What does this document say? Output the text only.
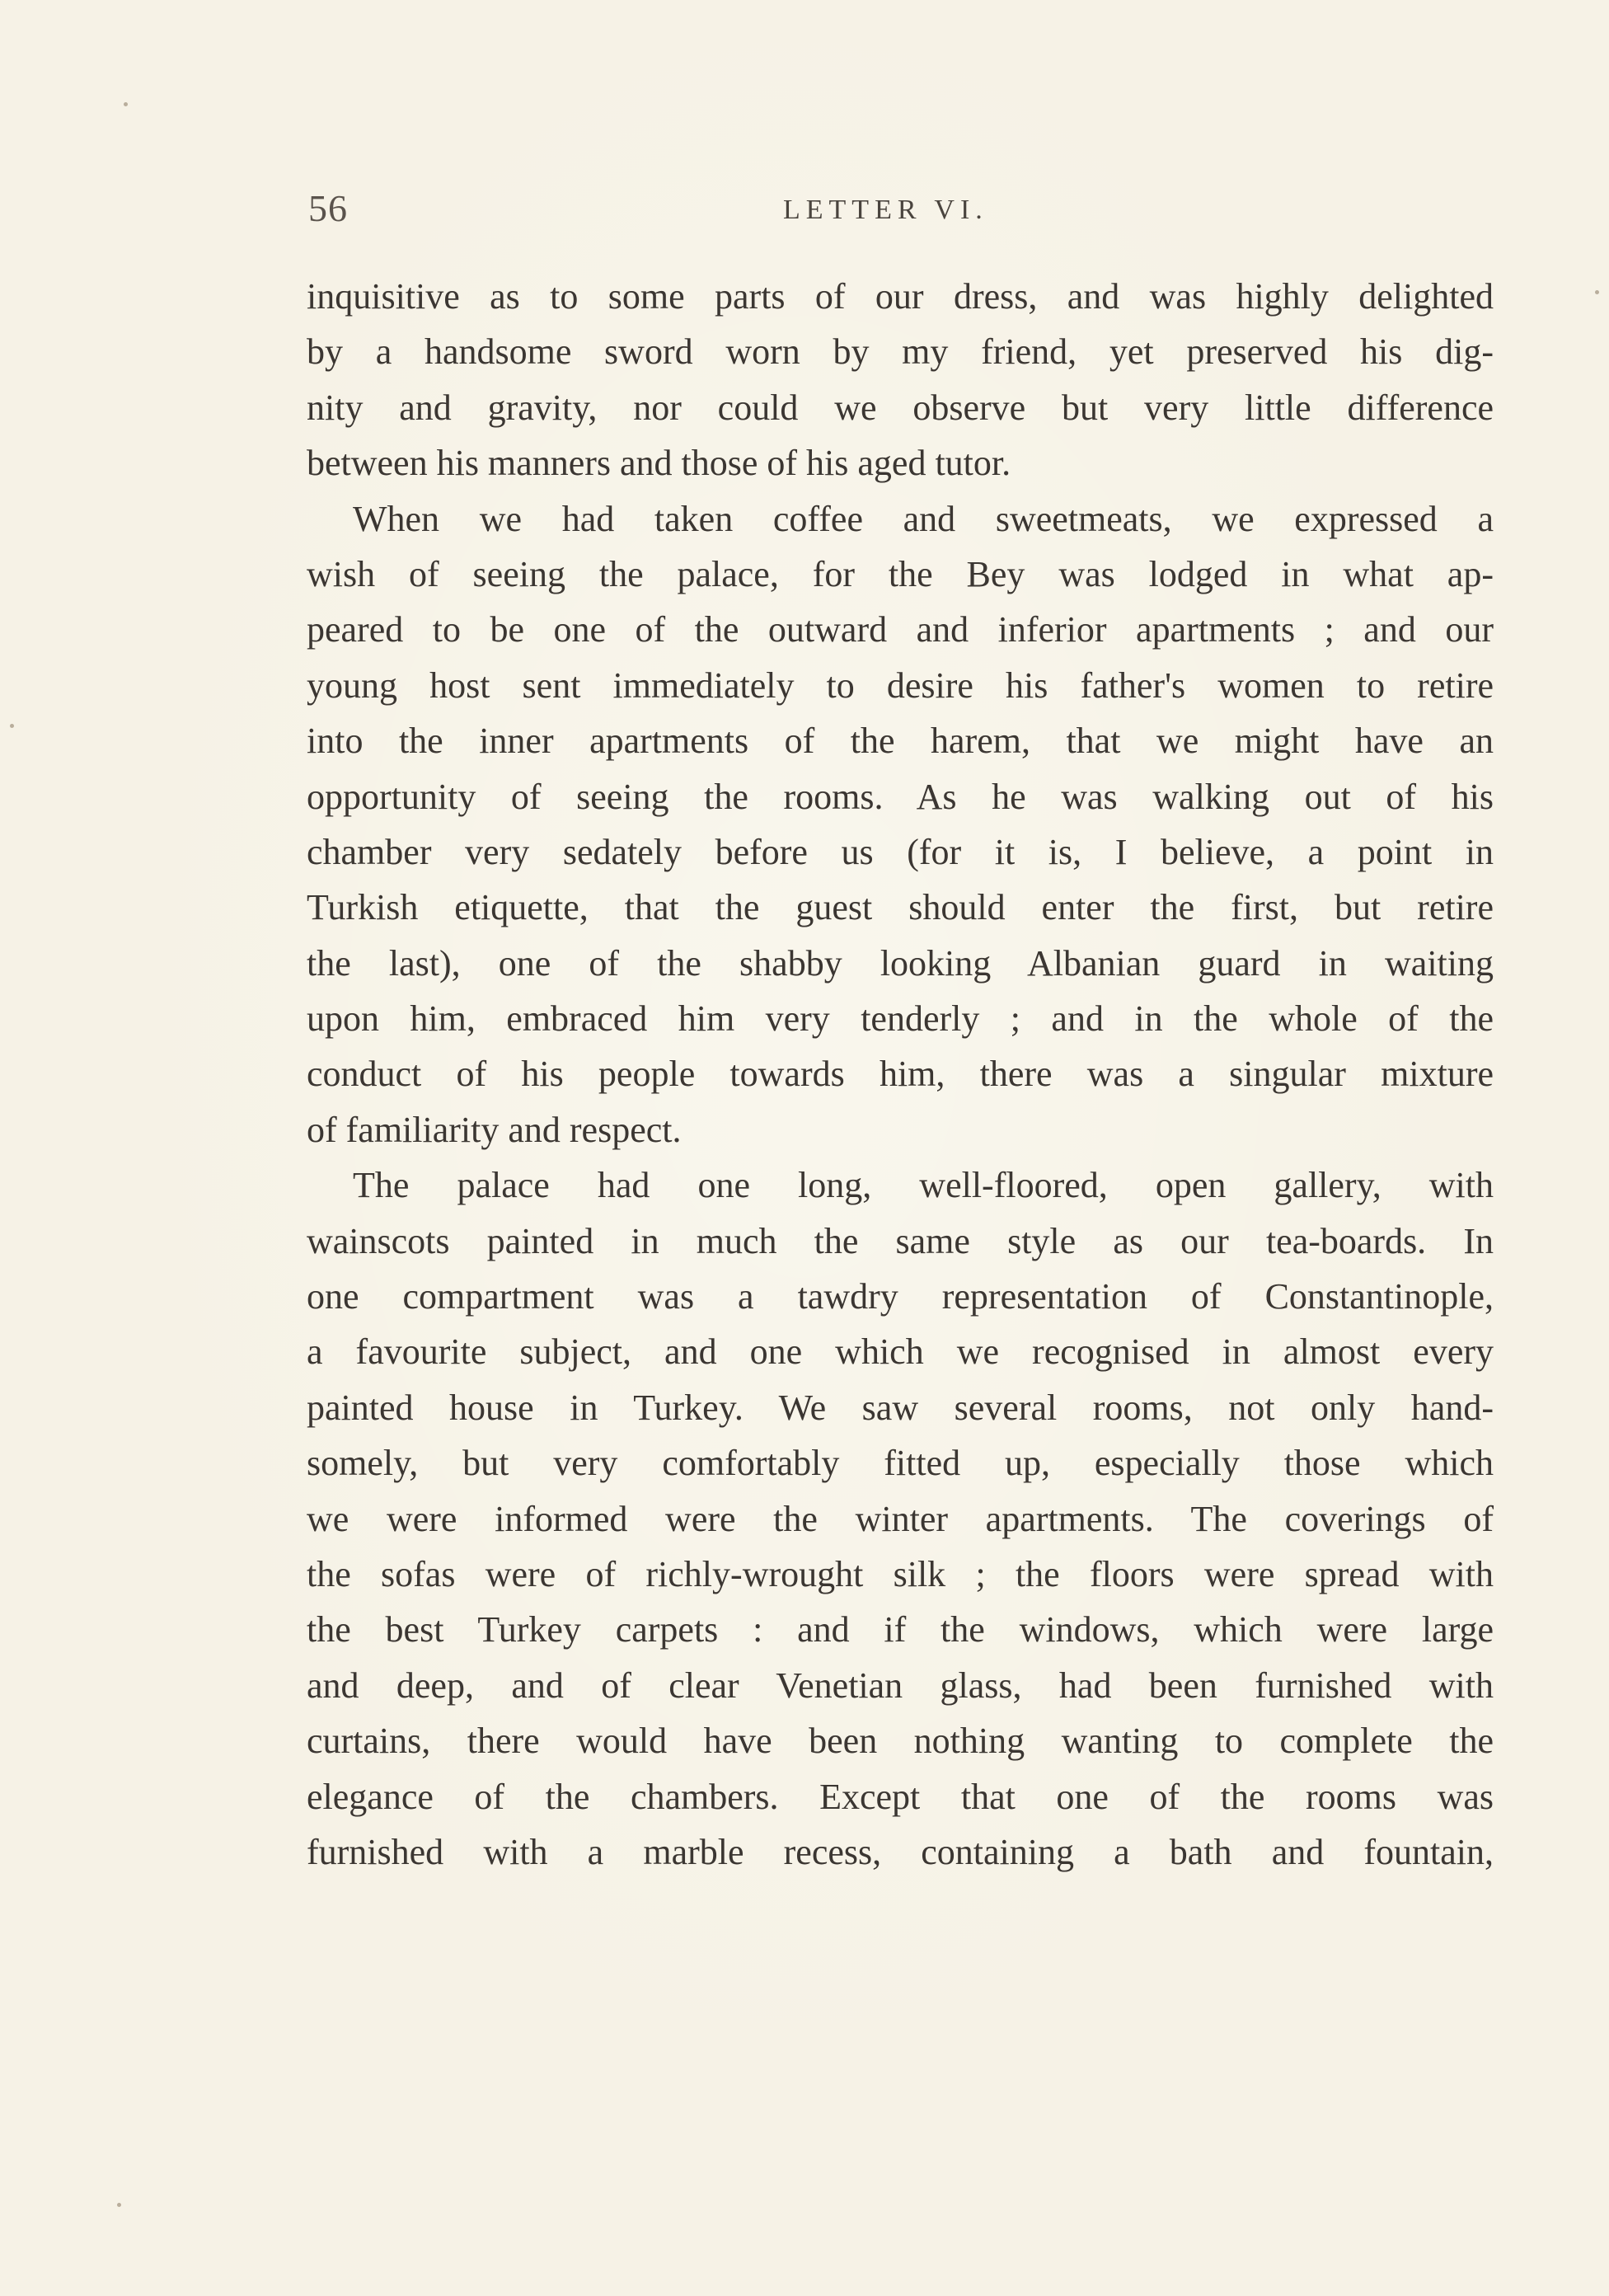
56	LETTER VI.
inquisitive as to some parts of our dress, and was highly delighted
by a handsome sword worn by my friend, yet preserved his dig-
nity and gravity, nor could we observe but very little difference
between his manners and those of his aged tutor.
When we had taken coffee and sweetmeats, we expressed a
wish of seeing the palace, for the Bey was lodged in what ap-
peared to be one of the outward and inferior apartments ; and our
young host sent immediately to desire his father's women to retire
into the inner apartments of the harem, that we might have an
opportunity of seeing the rooms. As he was walking out of his
chamber very sedately before us (for it is, I believe, a point in
Turkish etiquette, that the guest should enter the first, but retire
the last), one of the shabby looking Albanian guard in waiting
upon him, embraced him very tenderly ; and in the whole of the
conduct of his people towards him, there was a singular mixture
of familiarity and respect.
The palace had one long, well-floored, open gallery, with
wainscots painted in much the same style as our tea-boards. In
one compartment was a tawdry representation of Constantinople,
a favourite subject, and one which we recognised in almost every
painted house in Turkey. We saw several rooms, not only hand-
somely, but very comfortably fitted up, especially those which
we were informed were the winter apartments. The coverings of
the sofas were of richly-wrought silk ; the floors were spread with
the best Turkey carpets : and if the windows, which were large
and deep, and of clear Venetian glass, had been furnished with
curtains, there would have been nothing wanting to complete the
elegance of the chambers. Except that one of the rooms was
furnished with a marble recess, containing a bath and fountain,
